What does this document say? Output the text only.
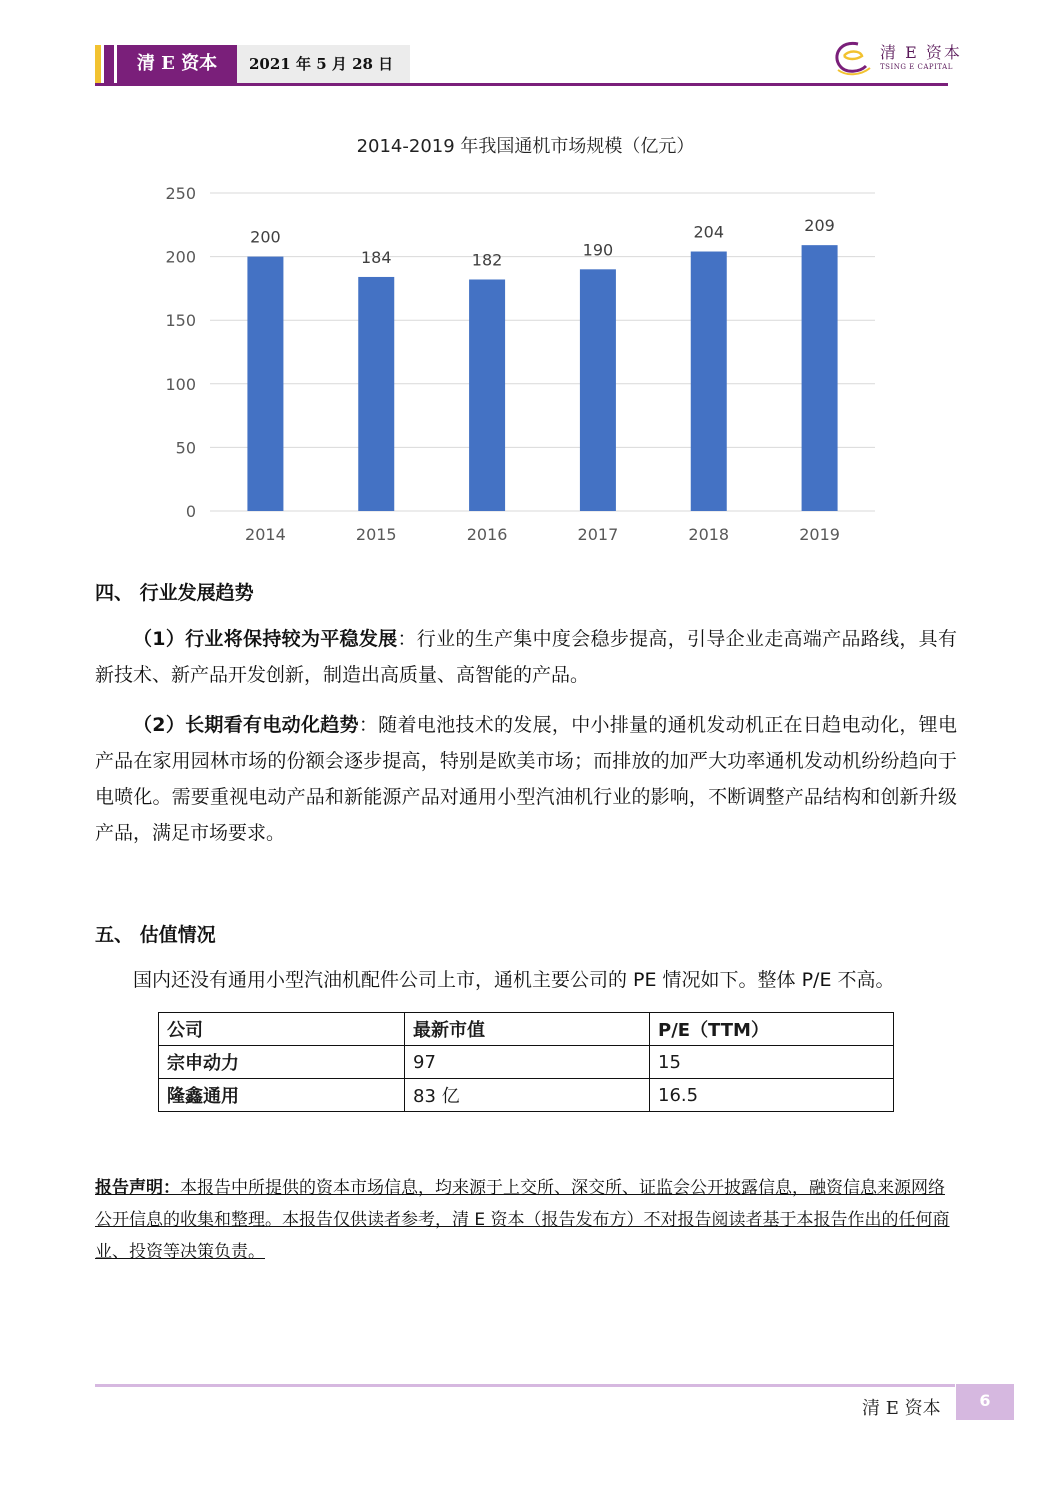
清 E 资本	2021 年 5 月 28 日
清 E 资本
TSING E CAPITAL
2014-2019 年我国通机市场规模（亿元）
0
50
100
150
200
250
200
2014
184
2015
182
2016
190
2017
204
2018
209
2019
四、 行业发展趋势
（1）行业将保持较为平稳发展：行业的生产集中度会稳步提高，引导企业走高端产品路线，具有新技术、新产品开发创新，制造出高质量、高智能的产品。
（2）长期看有电动化趋势：随着电池技术的发展，中小排量的通机发动机正在日趋电动化，锂电产品在家用园林市场的份额会逐步提高，特别是欧美市场；而排放的加严大功率通机发动机纷纷趋向于电喷化。需要重视电动产品和新能源产品对通用小型汽油机行业的影响，不断调整产品结构和创新升级产品，满足市场要求。
五、 估值情况
国内还没有通用小型汽油机配件公司上市，通机主要公司的 PE 情况如下。整体 P/E 不高。
公司	最新市值	P/E（TTM）
宗申动力	97	15
隆鑫通用	83 亿	16.5
报告声明：本报告中所提供的资本市场信息，均来源于上交所、深交所、证监会公开披露信息，融资信息来源网络公开信息的收集和整理。本报告仅供读者参考，清 E 资本（报告发布方）不对报告阅读者基于本报告作出的任何商业、投资等决策负责。
清 E 资本	6
